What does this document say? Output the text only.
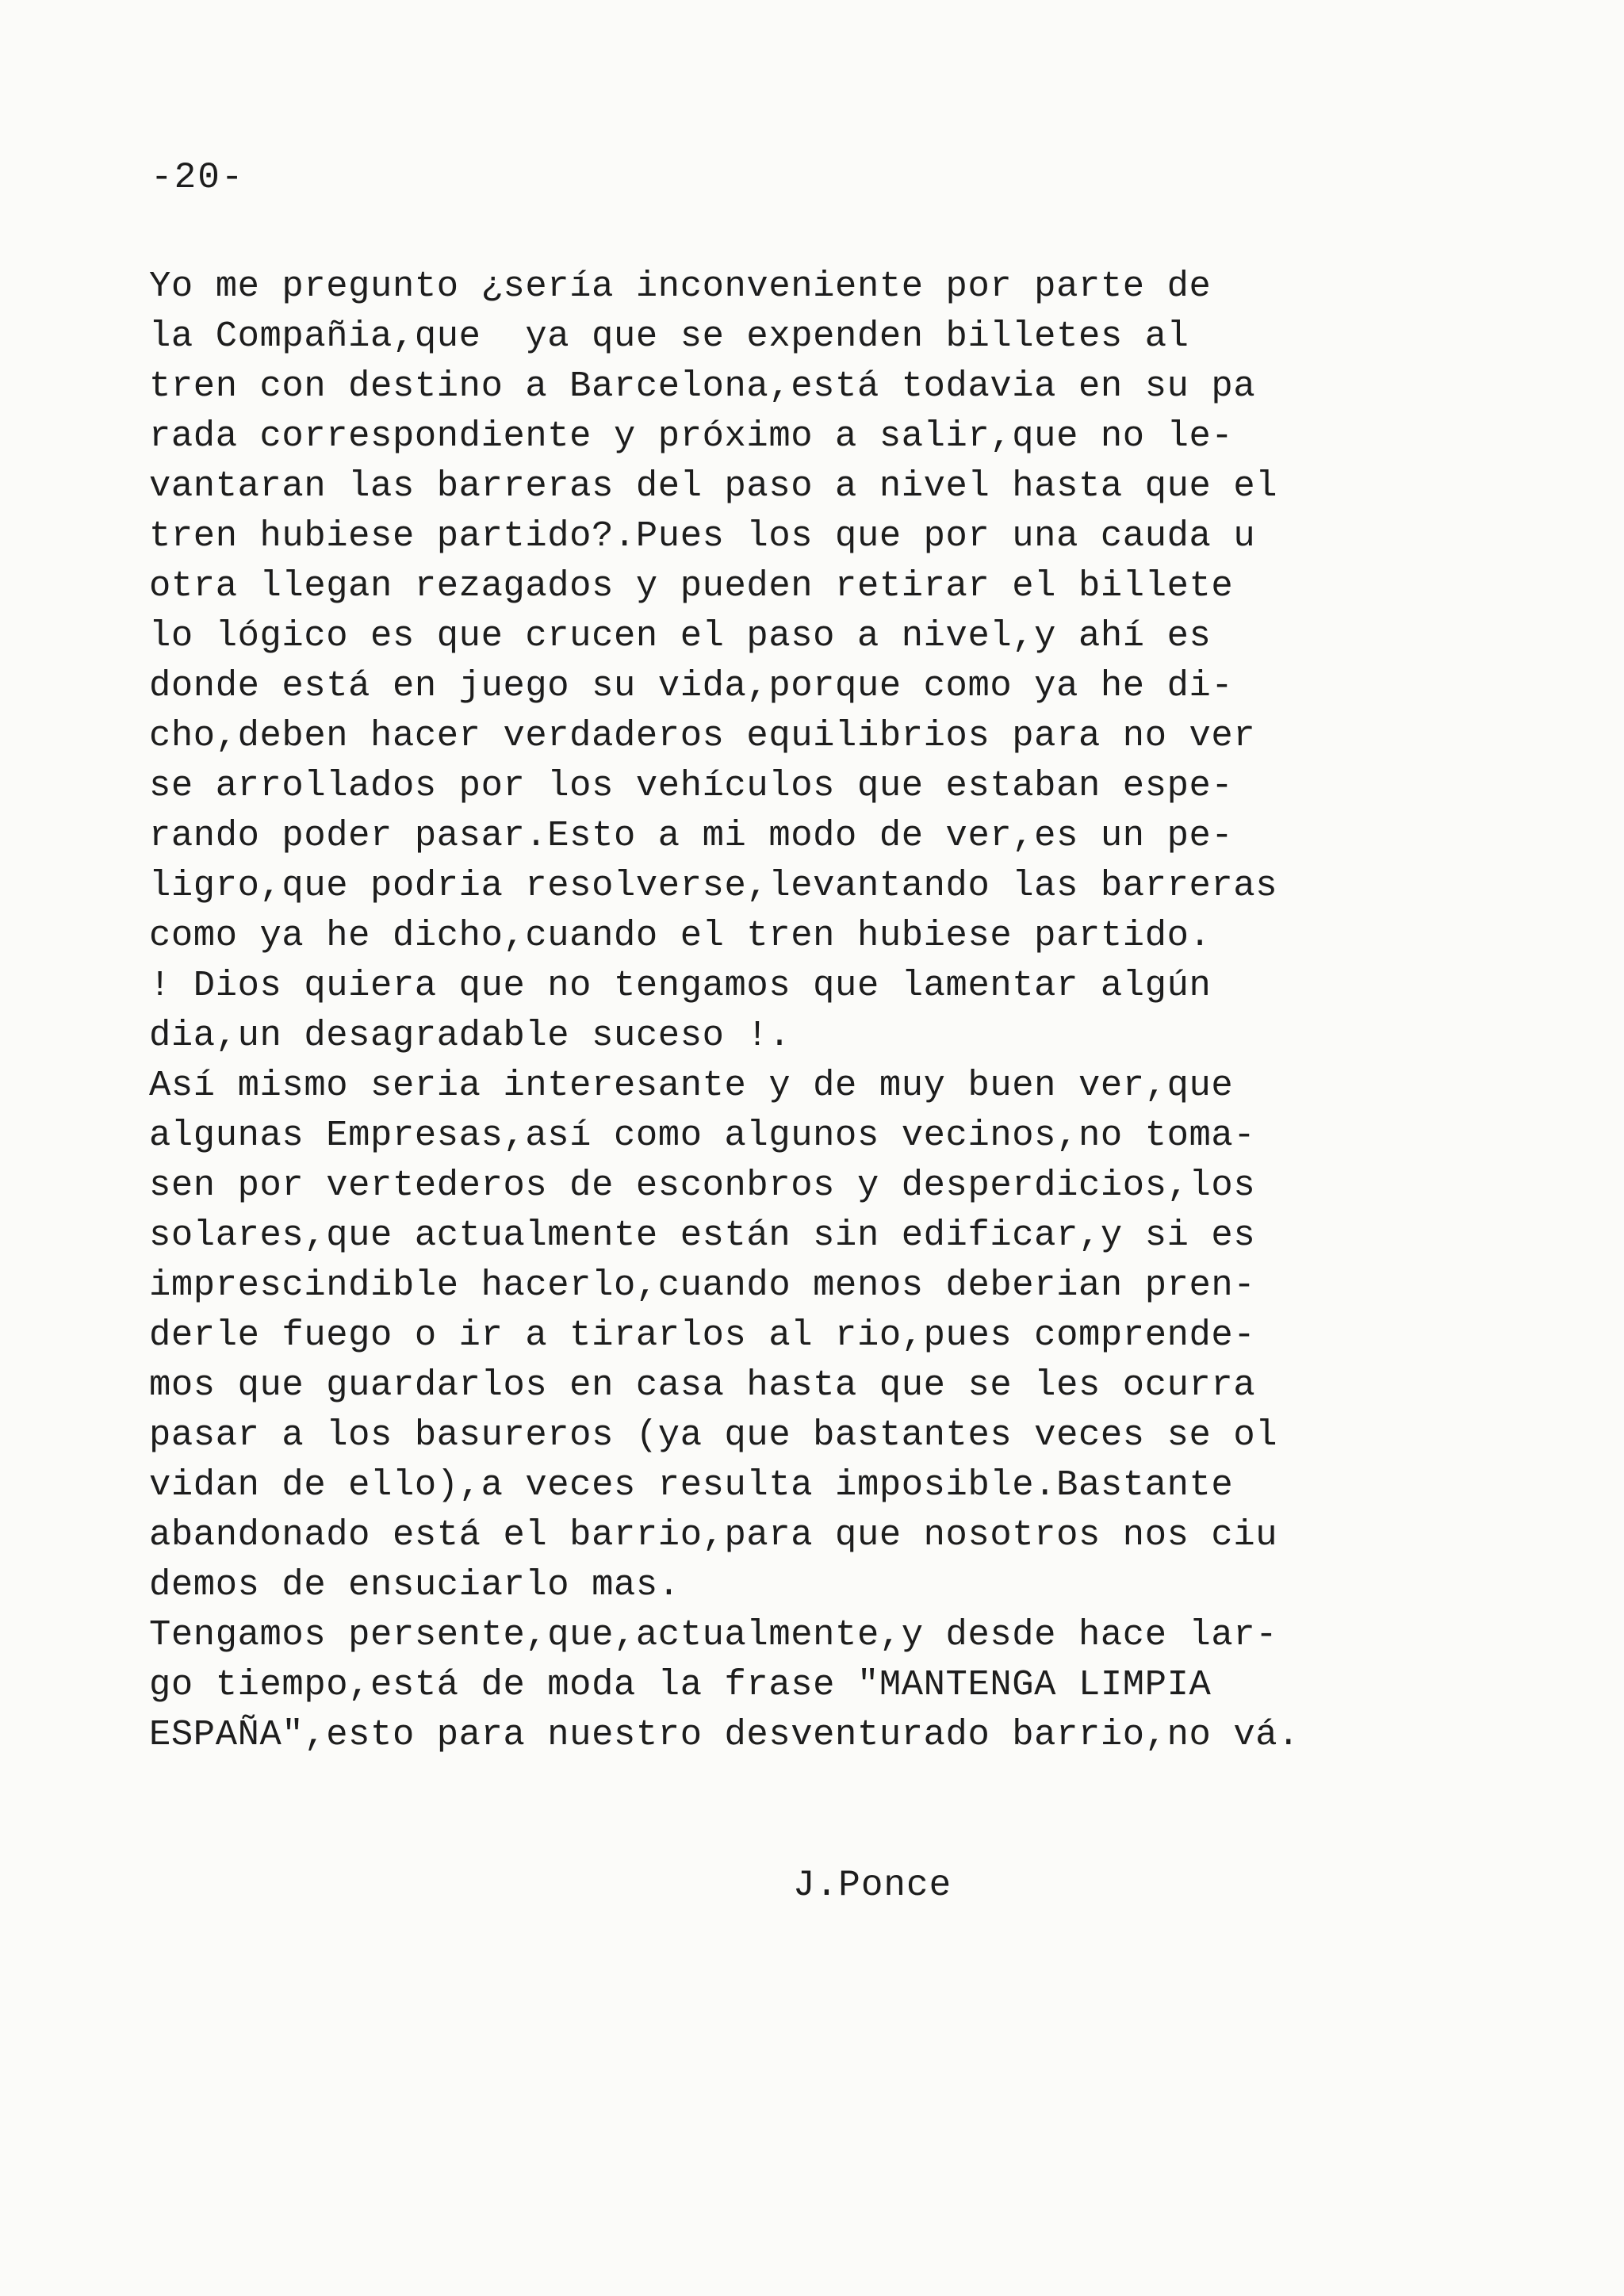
-20-
Yo me pregunto ¿sería inconveniente por parte de
la Compañia,que  ya que se expenden billetes al
tren con destino a Barcelona,está todavia en su pa
rada correspondiente y próximo a salir,que no le-
vantaran las barreras del paso a nivel hasta que el
tren hubiese partido?.Pues los que por una cauda u
otra llegan rezagados y pueden retirar el billete
lo lógico es que crucen el paso a nivel,y ahí es
donde está en juego su vida,porque como ya he di-
cho,deben hacer verdaderos equilibrios para no ver
se arrollados por los vehículos que estaban espe-
rando poder pasar.Esto a mi modo de ver,es un pe-
ligro,que podria resolverse,levantando las barreras
como ya he dicho,cuando el tren hubiese partido.
! Dios quiera que no tengamos que lamentar algún
dia,un desagradable suceso !.
Así mismo seria interesante y de muy buen ver,que
algunas Empresas,así como algunos vecinos,no toma-
sen por vertederos de esconbros y desperdicios,los
solares,que actualmente están sin edificar,y si es
imprescindible hacerlo,cuando menos deberian pren-
derle fuego o ir a tirarlos al rio,pues comprende-
mos que guardarlos en casa hasta que se les ocurra
pasar a los basureros (ya que bastantes veces se ol
vidan de ello),a veces resulta imposible.Bastante
abandonado está el barrio,para que nosotros nos ciu
demos de ensuciarlo mas.
Tengamos persente,que,actualmente,y desde hace lar-
go tiempo,está de moda la frase "MANTENGA LIMPIA
ESPAÑA",esto para nuestro desventurado barrio,no vá.
J.Ponce
